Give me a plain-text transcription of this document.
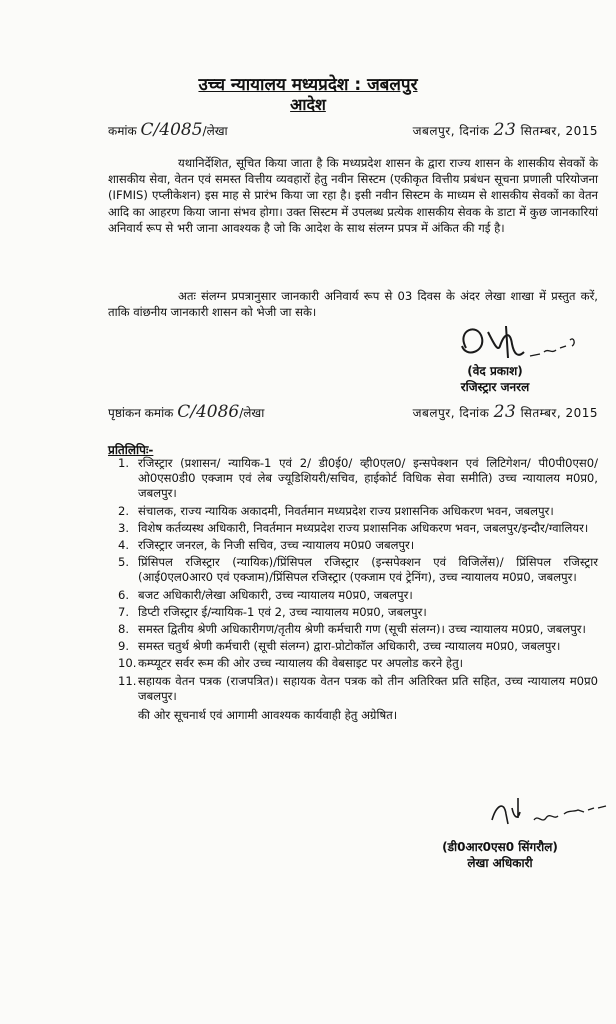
उच्च न्यायालय मध्यप्रदेश : जबलपुर
आदेश
कमांक C/4085/लेखा	जबलपुर, दिनांक 23 सितम्बर, 2015
यथानिर्देशित, सूचित किया जाता है कि मध्यप्रदेश शासन के द्वारा राज्य शासन के शासकीय सेवकों के शासकीय सेवा, वेतन एवं समस्त वित्तीय व्यवहारों हेतु नवीन सिस्टम (एकीकृत वित्तीय प्रबंधन सूचना प्रणाली परियोजना (IFMIS) एप्लीकेशन) इस माह से प्रारंभ किया जा रहा है। इसी नवीन सिस्टम के माध्यम से शासकीय सेवकों का वेतन आदि का आहरण किया जाना संभव होगा। उक्त सिस्टम में उपलब्ध प्रत्येक शासकीय सेवक के डाटा में कुछ जानकारियां अनिवार्य रूप से भरी जाना आवश्यक है जो कि आदेश के साथ संलग्न प्रपत्र में अंकित की गई है।
अतः संलग्न प्रपत्रानुसार जानकारी अनिवार्य रूप से 03 दिवस के अंदर लेखा शाखा में प्रस्तुत करें, ताकि वांछनीय जानकारी शासन को भेजी जा सके।
(वेद प्रकाश)
रजिस्ट्रार जनरल
पृष्ठांकन कमांक C/4086/लेखा	जबलपुर, दिनांक 23 सितम्बर, 2015
प्रतिलिपिः-
1. रजिस्ट्रार (प्रशासन/ न्यायिक-1 एवं 2/ डी0ई0/ व्ही0एल0/ इन्सपेक्शन एवं लिटिगेशन/ पी0पी0एस0/ ओ0एस0डी0 एक्जाम एवं लेब ज्यूडिशियरी/सचिव, हाईकोर्ट विधिक सेवा समीति) उच्च न्यायालय म0प्र0, जबलपुर।
2. संचालक, राज्य न्यायिक अकादमी, निवर्तमान मध्यप्रदेश राज्य प्रशासनिक अधिकरण भवन, जबलपुर।
3. विशेष कर्तव्यस्थ अधिकारी, निवर्तमान मध्यप्रदेश राज्य प्रशासनिक अधिकरण भवन, जबलपुर/इन्दौर/ग्वालियर।
4. रजिस्ट्रार जनरल, के निजी सचिव, उच्च न्यायालय म0प्र0 जबलपुर।
5. प्रिंसिपल रजिस्ट्रार (न्यायिक)/प्रिंसिपल रजिस्ट्रार (इन्सपेक्शन एवं विजिलेंस)/ प्रिंसिपल रजिस्ट्रार (आई0एल0आर0 एवं एक्जाम)/प्रिंसिपल रजिस्ट्रार (एक्जाम एवं ट्रेनिंग), उच्च न्यायालय म0प्र0, जबलपुर।
6. बजट अधिकारी/लेखा अधिकारी, उच्च न्यायालय म0प्र0, जबलपुर।
7. डिप्टी रजिस्ट्रार ई/न्यायिक-1 एवं 2, उच्च न्यायालय म0प्र0, जबलपुर।
8. समस्त द्वितीय श्रेणी अधिकारीगण/तृतीय श्रेणी कर्मचारी गण (सूची संलग्न)। उच्च न्यायालय म0प्र0, जबलपुर।
9. समस्त चतुर्थ श्रेणी कर्मचारी (सूची संलग्न) द्वारा-प्रोटोकॉल अधिकारी, उच्च न्यायालय म0प्र0, जबलपुर।
10. कम्प्यूटर सर्वर रूम की ओर उच्च न्यायालय की वेबसाइट पर अपलोड करने हेतु।
11. सहायक वेतन पत्रक (राजपत्रित)। सहायक वेतन पत्रक को तीन अतिरिक्त प्रति सहित, उच्च न्यायालय म0प्र0 जबलपुर।
की ओर सूचनार्थ एवं आगामी आवश्यक कार्यवाही हेतु अग्रेषित।
(डी0आर0एस0 सिंगरौल)
लेखा अधिकारी
